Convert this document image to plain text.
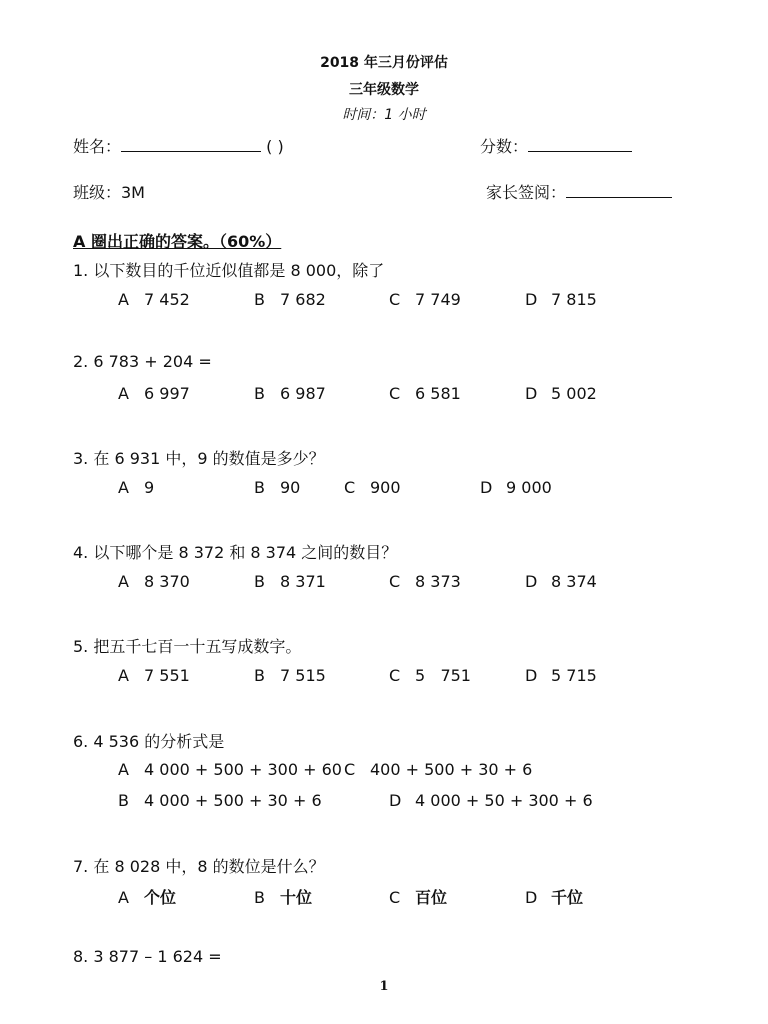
2018 年三月份评估
三年级数学
时间：1 小时
姓名：	( )	分数：
班级：3M	家长签阅：
A 圈出正确的答案。（60%）
1. 以下数目的千位近似值都是 8 000，除了
A 7 452	B 7 682	C 7 749	D 7 815
2. 6 783 + 204 =
A 6 997	B 6 987	C 6 581	D 5 002
3. 在 6 931 中，9 的数值是多少？
A 9	B 90	C 900	D 9 000
4. 以下哪个是 8 372 和 8 374 之间的数目？
A 8 370	B 8 371	C 8 373	D 8 374
5. 把五千七百一十五写成数字。
A 7 551	B 7 515	C 5   751	D 5 715
6. 4 536 的分析式是
A 4 000 + 500 + 300 + 60 C 400 + 500 + 30 + 6
B 4 000 + 500 + 30 + 6	D 4 000 + 50 + 300 + 6
7. 在 8 028 中，8 的数位是什么？
A 个位	B 十位	C 百位	D 千位
8. 3 877 – 1 624 =
1
